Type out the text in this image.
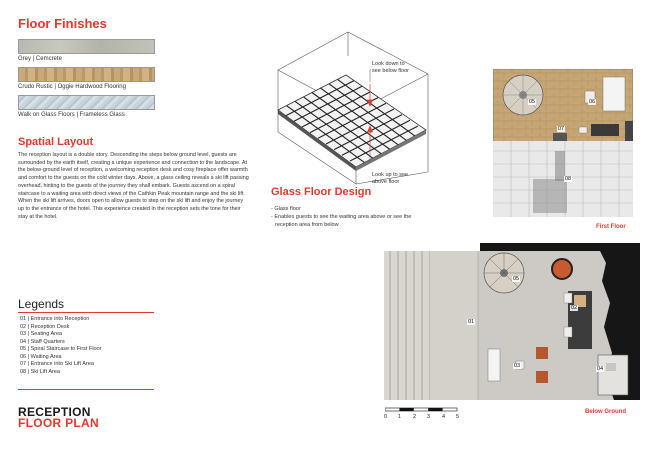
Floor Finishes
Grey | Cemcrete
Crudo Rustic | Oggie Hardwood Flooring
Walk on Glass Floors | Frameless Glass
Spatial Layout
The reception layout is a double story. Descending the steps below ground level, guests are surrounded by the earth itself, creating a unique experience and connection to the landscape. At the below-ground level of reception, a welcoming reception desk and cosy fireplace offer warmth and comfort to the guests on the cold winter days. Above, a glass ceiling reveals a ski lift passing overhead, hinting to the guests of the journey they shall embark. Guests ascend on a spiral staircase to a waiting area with direct views of the Cathkin Peak mountain range and the ski lift. When the ski lift arrives, doors open to allow guests to step on the ski lift and enjoy the journey up to the entrance of the hotel. This experience created in the reception sets the tone for their stay at the hotel.
Legends
01 | Entrance into Reception
02 | Reception Desk
03 | Seating Area
04 | Staff Quarters
05 | Spiral Staircase to First Floor
06 | Waiting Area
07 | Entrance into Ski Lift Area
08 | Ski Lift Area
RECEPTION
FLOOR PLAN
Look down to
see below floor
Look up to see
above floor
Glass Floor Design
- Glass floor
- Enables guests to see the waiting area above or see the
reception area from below
05	06
07
08
First Floor
05
01
02
03	04
Below Ground
0 1 2 3 4 5
